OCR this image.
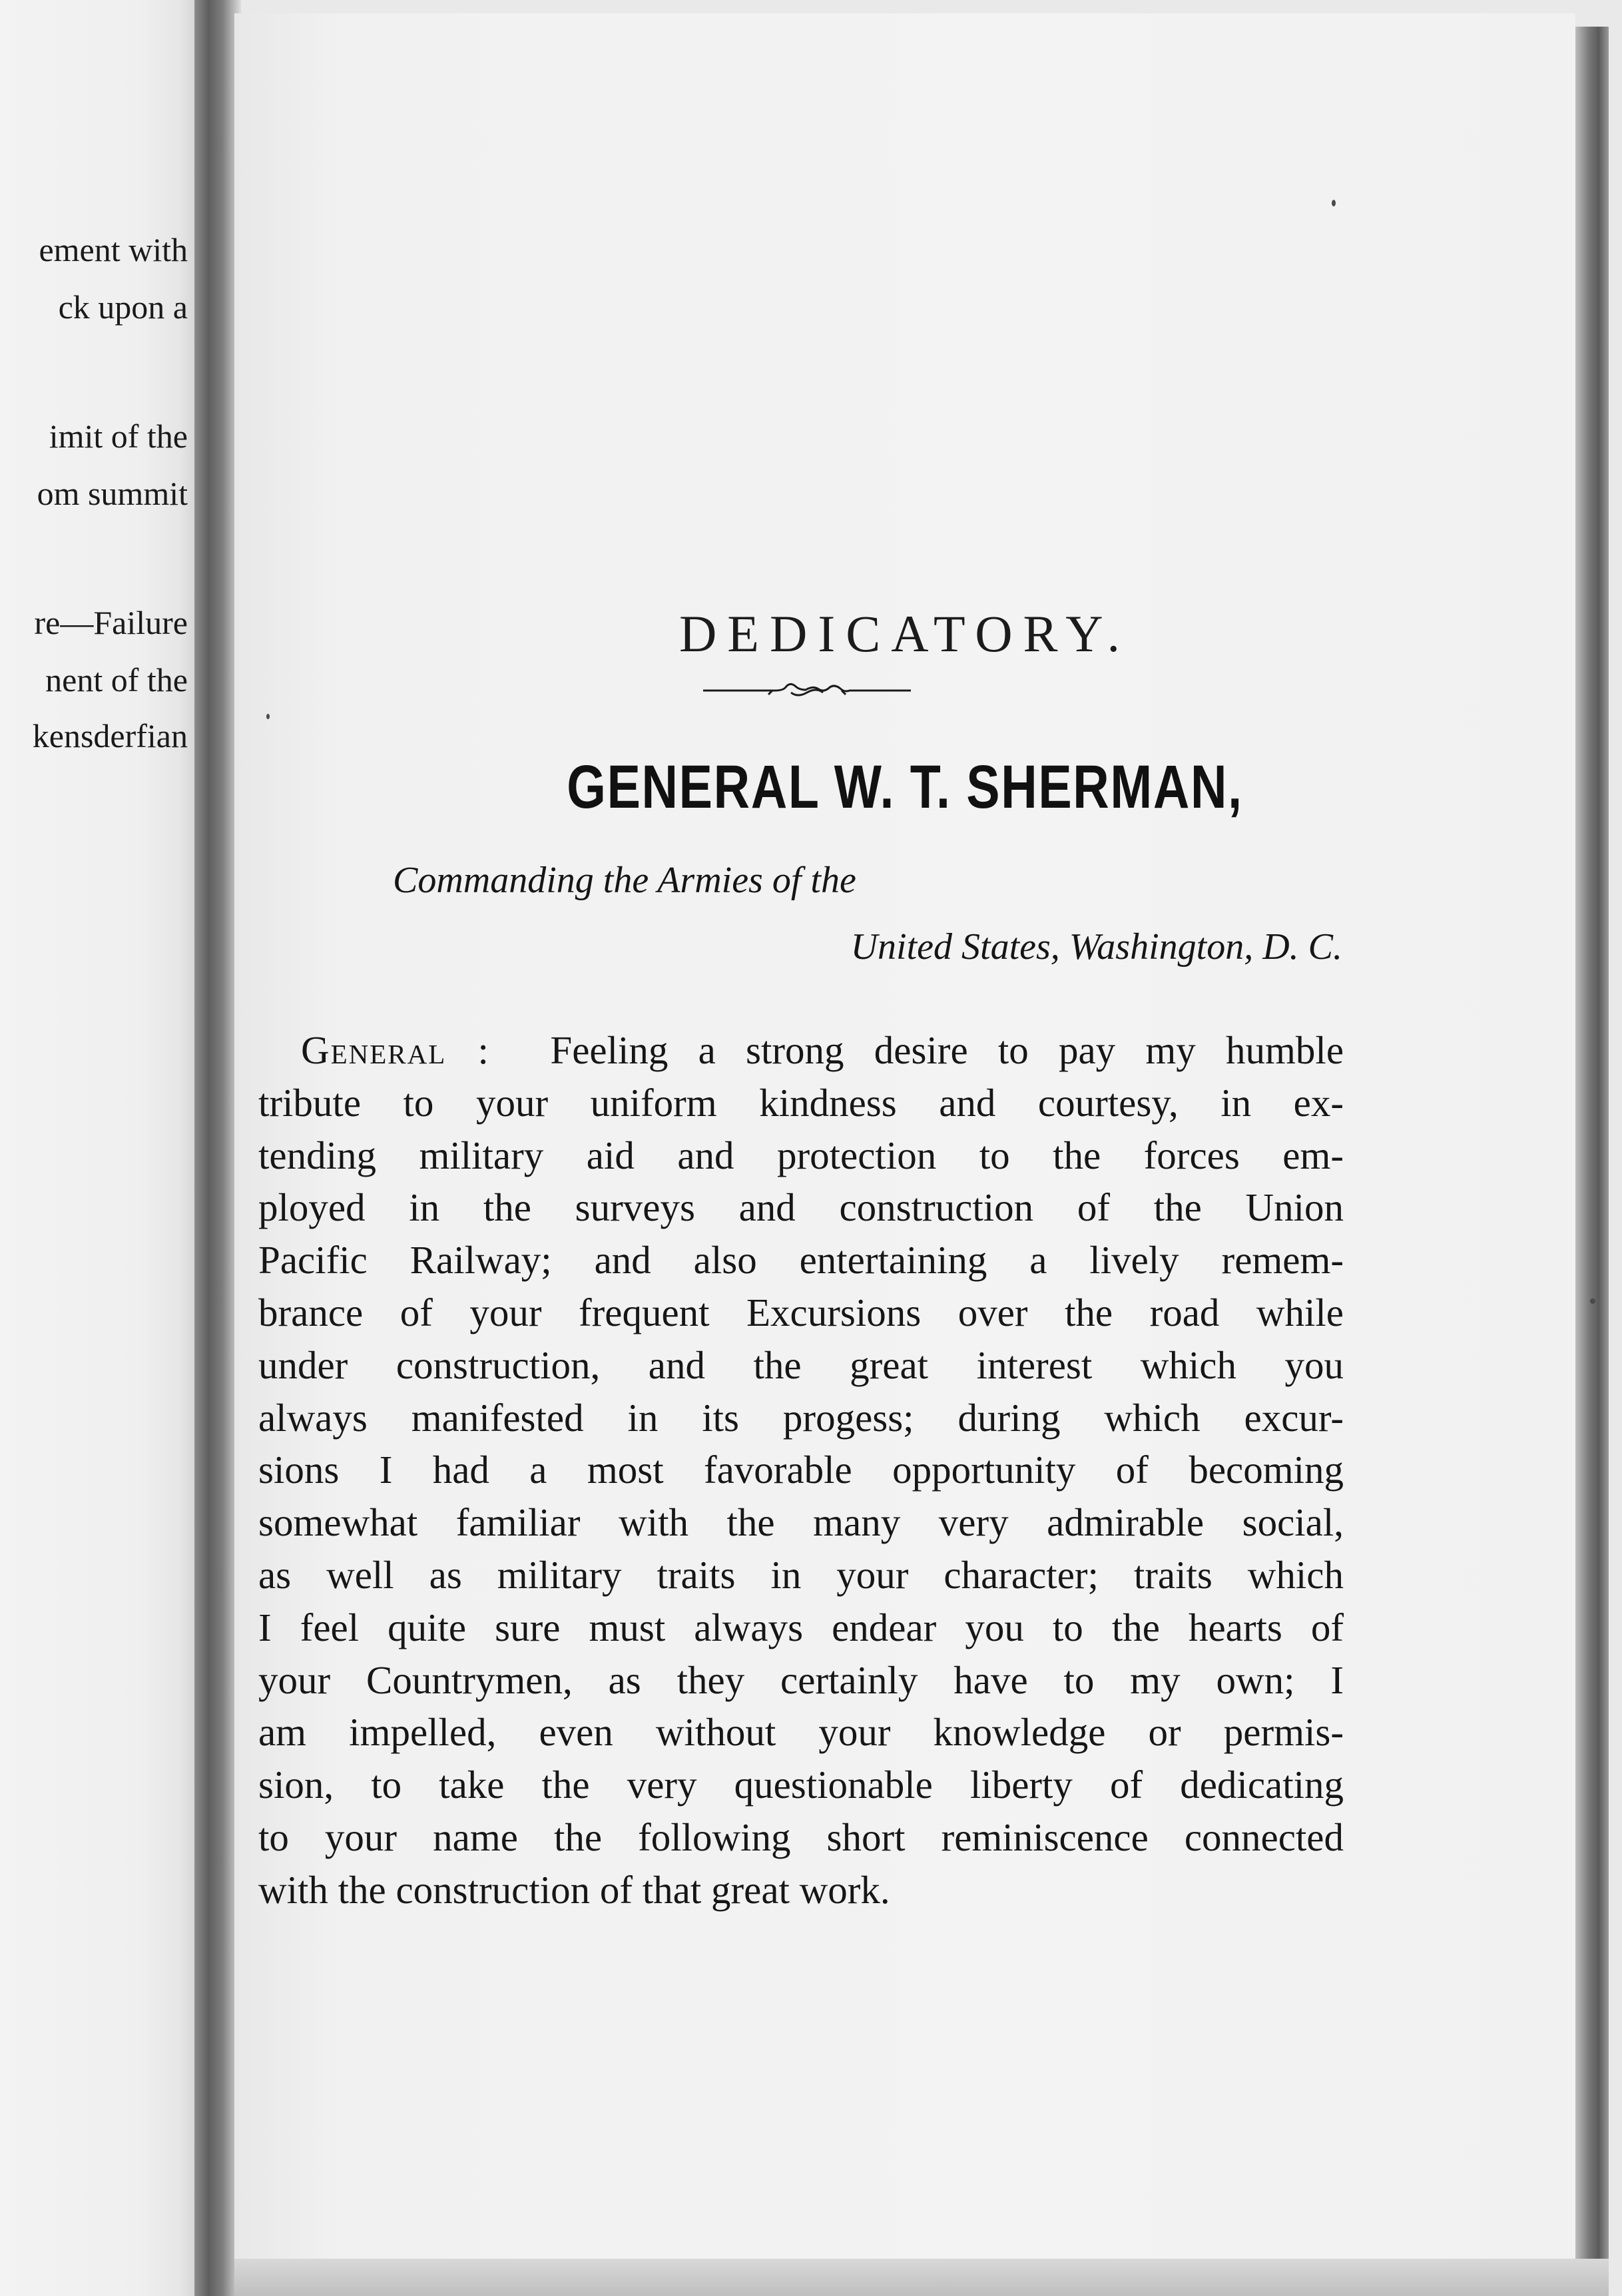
ement with
ck upon a
imit of the
om summit
re—Failure
nent of the
kensderfian
DEDICATORY.
GENERAL W. T. SHERMAN,
Commanding the Armies of the
United States, Washington, D. C.
General : Feeling a strong desire to pay my humble
tribute to your uniform kindness and courtesy, in ex-
tending military aid and protection to the forces em-
ployed in the surveys and construction of the Union
Pacific Railway; and also entertaining a lively remem-
brance of your frequent Excursions over the road while
under construction, and the great interest which you
always manifested in its progess; during which excur-
sions I had a most favorable opportunity of becoming
somewhat familiar with the many very admirable social,
as well as military traits in your character; traits which
I feel quite sure must always endear you to the hearts of
your Countrymen, as they certainly have to my own; I
am impelled, even without your knowledge or permis-
sion, to take the very questionable liberty of dedicating
to your name the following short reminiscence connected
with the construction of that great work.
